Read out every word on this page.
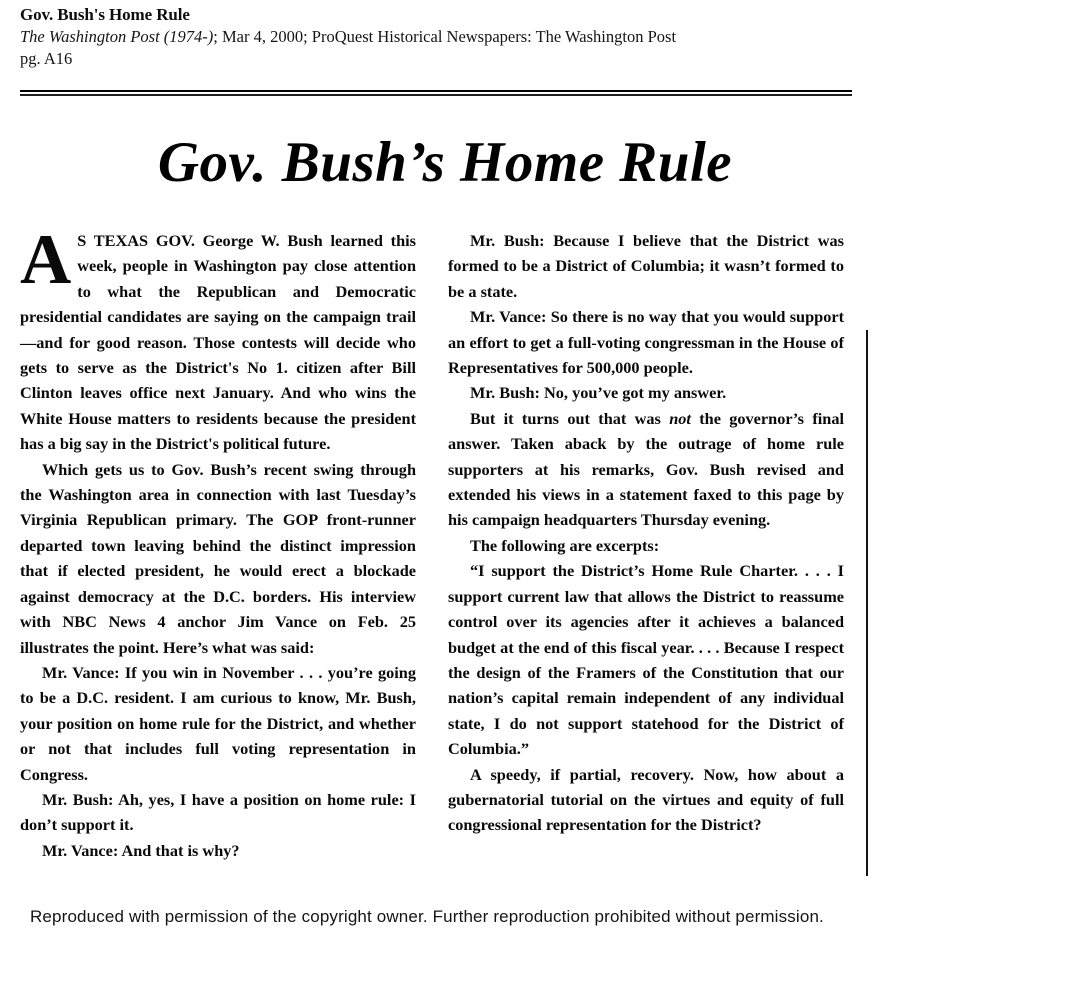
Gov. Bush's Home Rule
The Washington Post (1974-); Mar 4, 2000; ProQuest Historical Newspapers: The Washington Post
pg. A16
Gov. Bush’s Home Rule

A S TEXAS GOV. George W. Bush learned this week, people in Washington pay close attention to what the Republican and Democratic presidential candidates are saying on the campaign trail—and for good reason. Those contests will decide who gets to serve as the District's No 1. citizen after Bill Clinton leaves office next January. And who wins the White House matters to residents because the president has a big say in the District's political future.

Which gets us to Gov. Bush’s recent swing through the Washington area in connection with last Tuesday’s Virginia Republican primary. The GOP front-runner departed town leaving behind the distinct impression that if elected president, he would erect a blockade against democracy at the D.C. borders. His interview with NBC News 4 anchor Jim Vance on Feb. 25 illustrates the point. Here’s what was said:

Mr. Vance: If you win in November . . . you’re going to be a D.C. resident. I am curious to know, Mr. Bush, your position on home rule for the District, and whether or not that includes full voting representation in Congress.

Mr. Bush: Ah, yes, I have a position on home rule: I don’t support it.

Mr. Vance: And that is why?

Mr. Bush: Because I believe that the District was formed to be a District of Columbia; it wasn’t formed to be a state.

Mr. Vance: So there is no way that you would support an effort to get a full-voting congressman in the House of Representatives for 500,000 people.

Mr. Bush: No, you’ve got my answer.

But it turns out that was not the governor’s final answer. Taken aback by the outrage of home rule supporters at his remarks, Gov. Bush revised and extended his views in a statement faxed to this page by his campaign headquarters Thursday evening.

The following are excerpts:

“I support the District’s Home Rule Charter. . . . I support current law that allows the District to reassume control over its agencies after it achieves a balanced budget at the end of this fiscal year. . . . Because I respect the design of the Framers of the Constitution that our nation’s capital remain independent of any individual state, I do not support statehood for the District of Columbia.”

A speedy, if partial, recovery. Now, how about a gubernatorial tutorial on the virtues and equity of full congressional representation for the District?

Reproduced with permission of the copyright owner. Further reproduction prohibited without permission.
